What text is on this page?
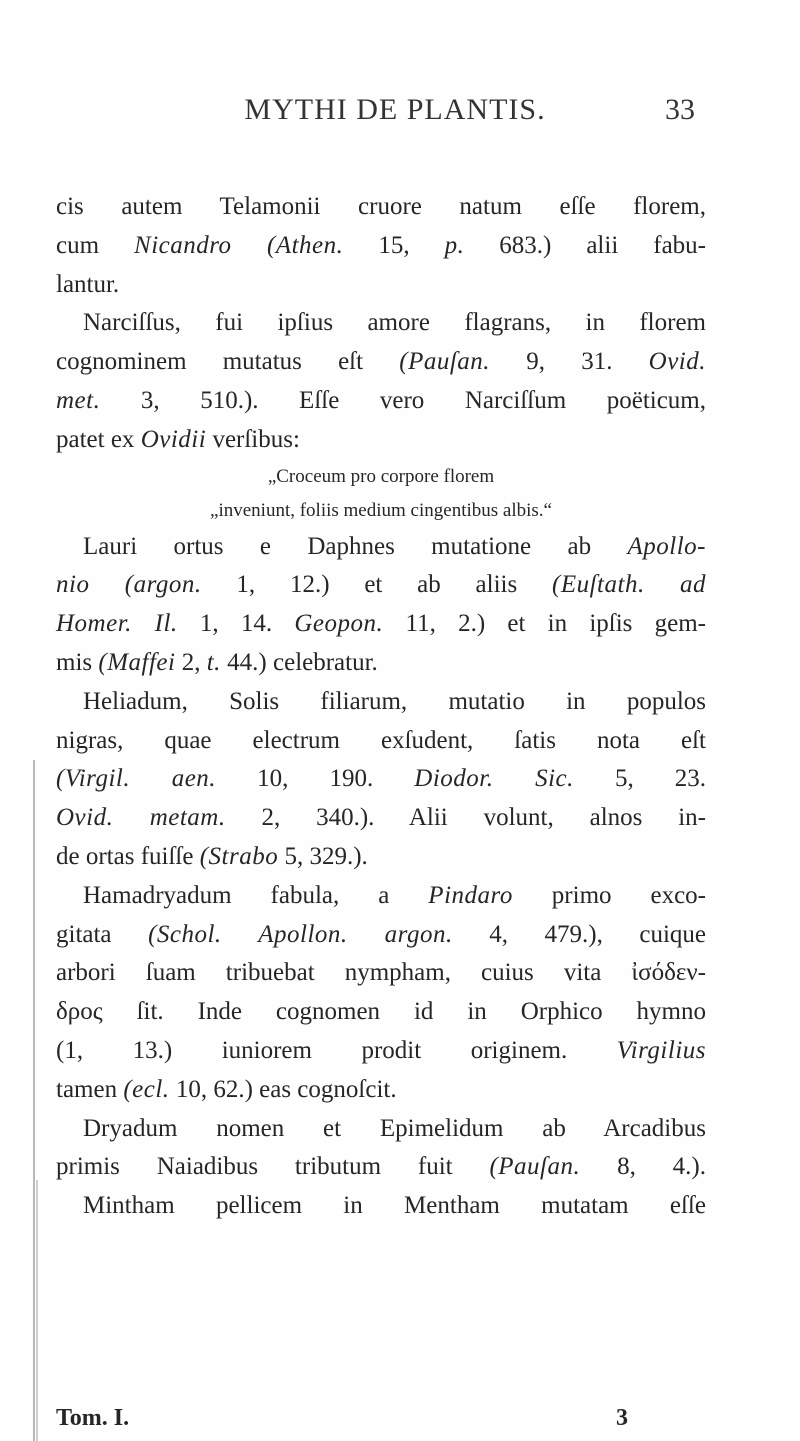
MYTHI DE PLANTIS.	33
cis autem Telamonii cruore natum eſſe florem,
cum Nicandro (Athen. 15, p. 683.) alii fabu-
lantur.
Narciſſus, fui ipſius amore flagrans, in florem
cognominem mutatus eſt (Pauſan. 9, 31. Ovid.
met. 3, 510.). Eſſe vero Narciſſum poëticum,
patet ex Ovidii verſibus:
„Croceum pro corpore florem
„inveniunt, foliis medium cingentibus albis.“
Lauri ortus e Daphnes mutatione ab Apollo-
nio (argon. 1, 12.) et ab aliis (Euſtath. ad
Homer. Il. 1, 14. Geopon. 11, 2.) et in ipſis gem-
mis (Maffei 2, t. 44.) celebratur.
Heliadum, Solis filiarum, mutatio in populos
nigras, quae electrum exſudent, ſatis nota eſt
(Virgil. aen. 10, 190. Diodor. Sic. 5, 23.
Ovid. metam. 2, 340.). Alii volunt, alnos in-
de ortas fuiſſe (Strabo 5, 329.).
Hamadryadum fabula, a Pindaro primo exco-
gitata (Schol. Apollon. argon. 4, 479.), cuique
arbori ſuam tribuebat nympham, cuius vita ἰσόδεν-
δρος ſit. Inde cognomen id in Orphico hymno
(1, 13.) iuniorem prodit originem. Virgilius
tamen (ecl. 10, 62.) eas cognoſcit.
Dryadum nomen et Epimelidum ab Arcadibus
primis Naiadibus tributum fuit (Pauſan. 8, 4.).
Mintham pellicem in Mentham mutatam eſſe
Tom. I.	3
